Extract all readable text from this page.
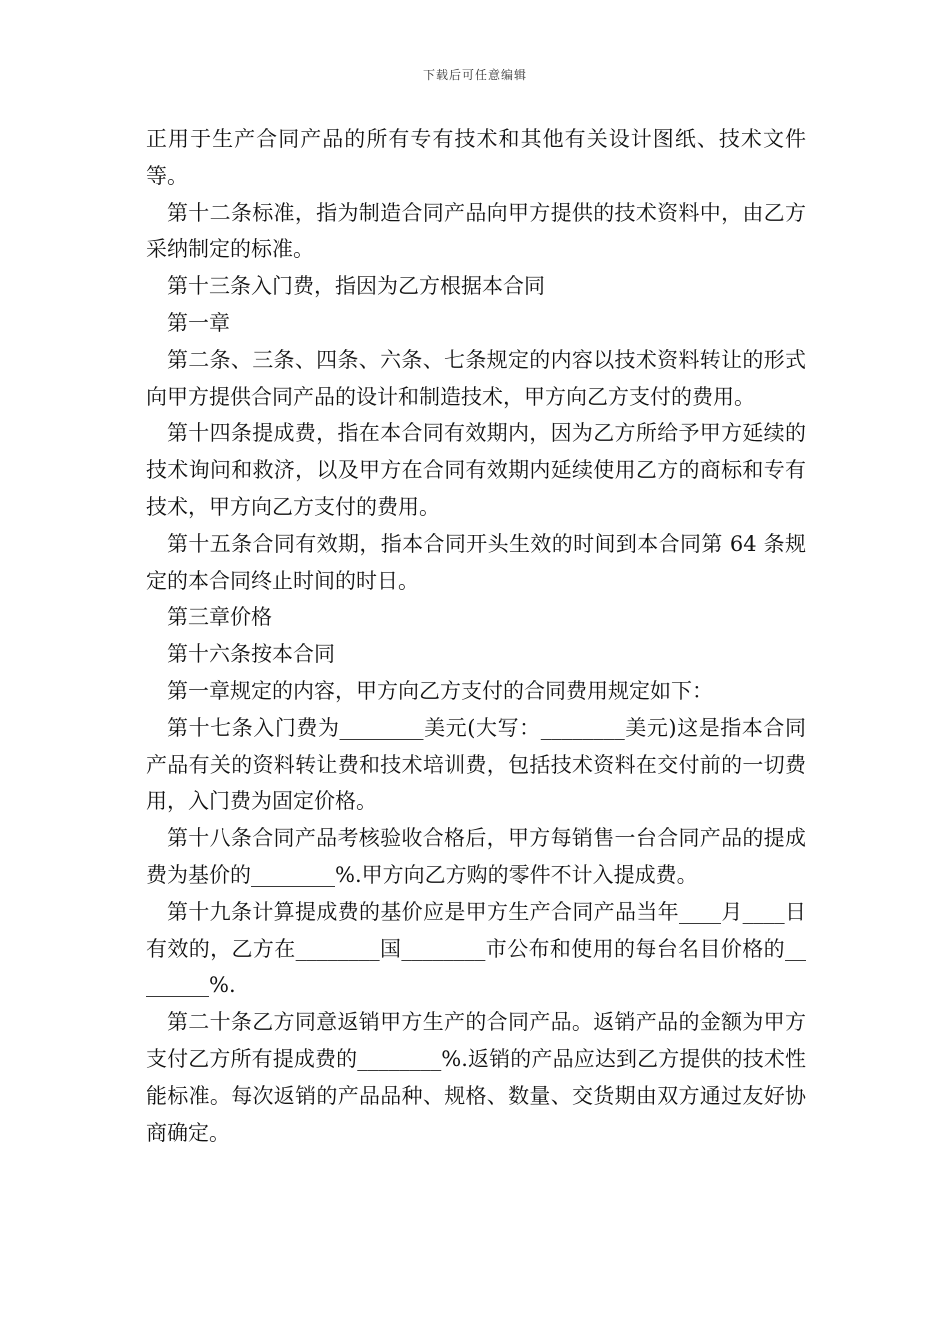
下载后可任意编辑

正用于生产合同产品的所有专有技术和其他有关设计图纸、技术文件等。

第十二条标准，指为制造合同产品向甲方提供的技术资料中，由乙方采纳制定的标准。

第十三条入门费，指因为乙方根据本合同

第一章

第二条、三条、四条、六条、七条规定的内容以技术资料转让的形式向甲方提供合同产品的设计和制造技术，甲方向乙方支付的费用。

第十四条提成费，指在本合同有效期内，因为乙方所给予甲方延续的技术询问和救济，以及甲方在合同有效期内延续使用乙方的商标和专有技术，甲方向乙方支付的费用。

第十五条合同有效期，指本合同开头生效的时间到本合同第 64 条规定的本合同终止时间的时日。

第三章价格

第十六条按本合同

第一章规定的内容，甲方向乙方支付的合同费用规定如下：

第十七条入门费为________美元(大写：________美元)这是指本合同产品有关的资料转让费和技术培训费，包括技术资料在交付前的一切费用，入门费为固定价格。

第十八条合同产品考核验收合格后，甲方每销售一台合同产品的提成费为基价的________%.甲方向乙方购的零件不计入提成费。

第十九条计算提成费的基价应是甲方生产合同产品当年____月____日有效的，乙方在________国________市公布和使用的每台名目价格的________%.

第二十条乙方同意返销甲方生产的合同产品。返销产品的金额为甲方支付乙方所有提成费的________%.返销的产品应达到乙方提供的技术性能标准。每次返销的产品品种、规格、数量、交货期由双方通过友好协商确定。
